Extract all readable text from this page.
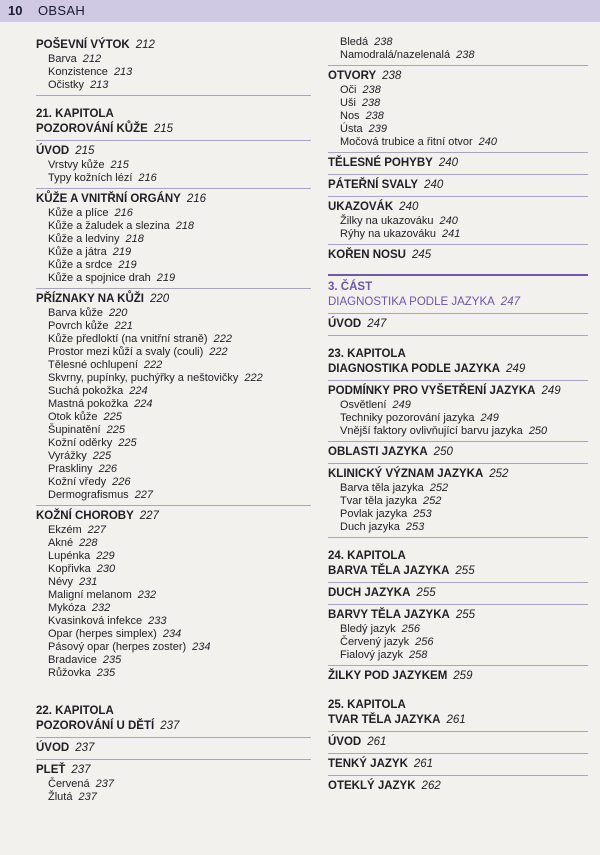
10 OBSAH
POŠEVNÍ VÝTOK 212
Barva 212
Konzistence 213
Očistky 213
21. KAPITOLA
POZOROVÁNÍ KŮŽE 215
ÚVOD 215
Vrstvy kůže 215
Typy kožních lézí 216
KŮŽE A VNITŘNÍ ORGÁNY 216
Kůže a plíce 216
Kůže a žaludek a slezina 218
Kůže a ledviny 218
Kůže a játra 219
Kůže a srdce 219
Kůže a spojnice drah 219
PŘÍZNAKY NA KŮŽI 220
Barva kůže 220
Povrch kůže 221
Kůže předloktí (na vnitřní straně) 222
Prostor mezi kůží a svaly (couli) 222
Tělesné ochlupení 222
Skvrny, pupínky, puchýřky a neštovičky 222
Suchá pokožka 224
Mastná pokožka 224
Otok kůže 225
Šupinatění 225
Kožní oděrky 225
Vyrážky 225
Praskliny 226
Kožní vředy 226
Dermografismus 227
KOŽNÍ CHOROBY 227
Ekzém 227
Akné 228
Lupénka 229
Kopřivka 230
Névy 231
Maligní melanom 232
Mykóza 232
Kvasinková infekce 233
Opar (herpes simplex) 234
Pásový opar (herpes zoster) 234
Bradavice 235
Růžovka 235
22. KAPITOLA
POZOROVÁNÍ U DĚTÍ 237
ÚVOD 237
PLEŤ 237
Červená 237
Žlutá 237
Bledá 238
Namodralá/nazelenalá 238
OTVORY 238
Oči 238
Uši 238
Nos 238
Ústa 239
Močová trubice a řitní otvor 240
TĚLESNÉ POHYBY 240
PÁTEŘNÍ SVALY 240
UKAZOVÁK 240
Žilky na ukazováku 240
Rýhy na ukazováku 241
KOŘEN NOSU 245
3. ČÁST
DIAGNOSTIKA PODLE JAZYKA 247
ÚVOD 247
23. KAPITOLA
DIAGNOSTIKA PODLE JAZYKA 249
PODMÍNKY PRO VYŠETŘENÍ JAZYKA 249
Osvětlení 249
Techniky pozorování jazyka 249
Vnější faktory ovlivňující barvu jazyka 250
OBLASTI JAZYKA 250
KLINICKÝ VÝZNAM JAZYKA 252
Barva těla jazyka 252
Tvar těla jazyka 252
Povlak jazyka 253
Duch jazyka 253
24. KAPITOLA
BARVA TĚLA JAZYKA 255
DUCH JAZYKA 255
BARVY TĚLA JAZYKA 255
Bledý jazyk 256
Červený jazyk 256
Fialový jazyk 258
ŽILKY POD JAZYKEM 259
25. KAPITOLA
TVAR TĚLA JAZYKA 261
ÚVOD 261
TENKÝ JAZYK 261
OTEKLÝ JAZYK 262
